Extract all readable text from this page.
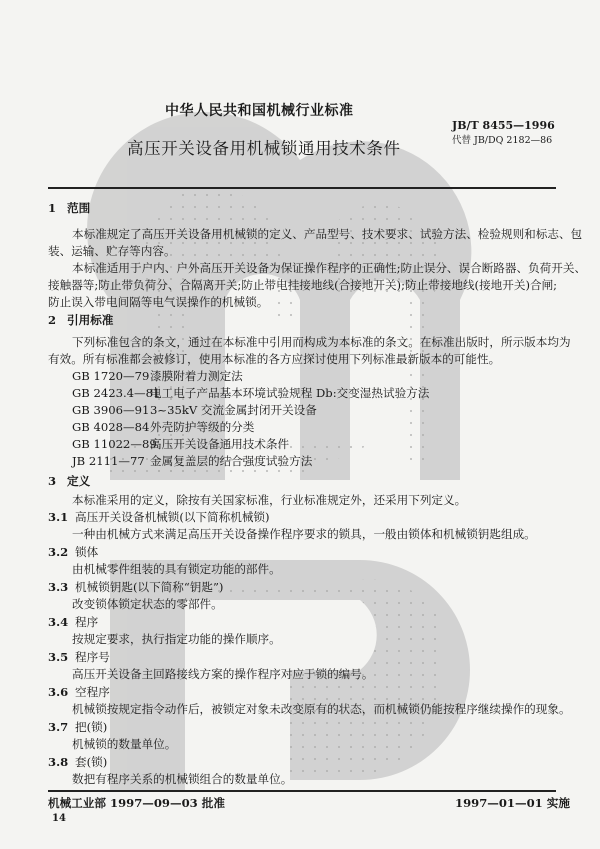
中华人民共和国机械行业标准
JB/T 8455—1996
代替 JB/DQ 2182—86
高压开关设备用机械锁通用技术条件
1 范围
本标准规定了高压开关设备用机械锁的定义、产品型号、技术要求、试验方法、检验规则和标志、包
装、运输、贮存等内容。
本标准适用于户内、户外高压开关设备为保证操作程序的正确性;防止误分、误合断路器、负荷开关、
接触器等;防止带负荷分、合隔离开关;防止带电挂接地线(合接地开关);防止带接地线(接地开关)合闸;
防止误入带电间隔等电气误操作的机械锁。
2 引用标准
下列标准包含的条文，通过在本标准中引用而构成为本标准的条文。在标准出版时，所示版本均为
有效。所有标准都会被修订，使用本标准的各方应探讨使用下列标准最新版本的可能性。
GB 1720—79 漆膜附着力测定法
GB 2423.4—81
电工电子产品基本环境试验规程 Db:交变湿热试验方法
GB 3906—91 3~35kV 交流金属封闭开关设备
GB 4028—84 外壳防护等级的分类
GB 11022—89
高压开关设备通用技术条件
JB 2111—77 金属复盖层的结合强度试验方法
3 定义
本标准采用的定义，除按有关国家标准，行业标准规定外，还采用下列定义。
3.1 高压开关设备机械锁(以下简称机械锁)
一种由机械方式来满足高压开关设备操作程序要求的锁具，一般由锁体和机械锁钥匙组成。
3.2 锁体
由机械零件组装的具有锁定功能的部件。
3.3 机械锁钥匙(以下简称“钥匙”)
改变锁体锁定状态的零部件。
3.4 程序
按规定要求，执行指定功能的操作顺序。
3.5 程序号
高压开关设备主回路接线方案的操作程序对应于锁的编号。
3.6 空程序
机械锁按规定指令动作后，被锁定对象未改变原有的状态，而机械锁仍能按程序继续操作的现象。
3.7 把(锁)
机械锁的数量单位。
3.8 套(锁)
数把有程序关系的机械锁组合的数量单位。
机械工业部 1997—09—03 批准	1997—01—01 实施
14
